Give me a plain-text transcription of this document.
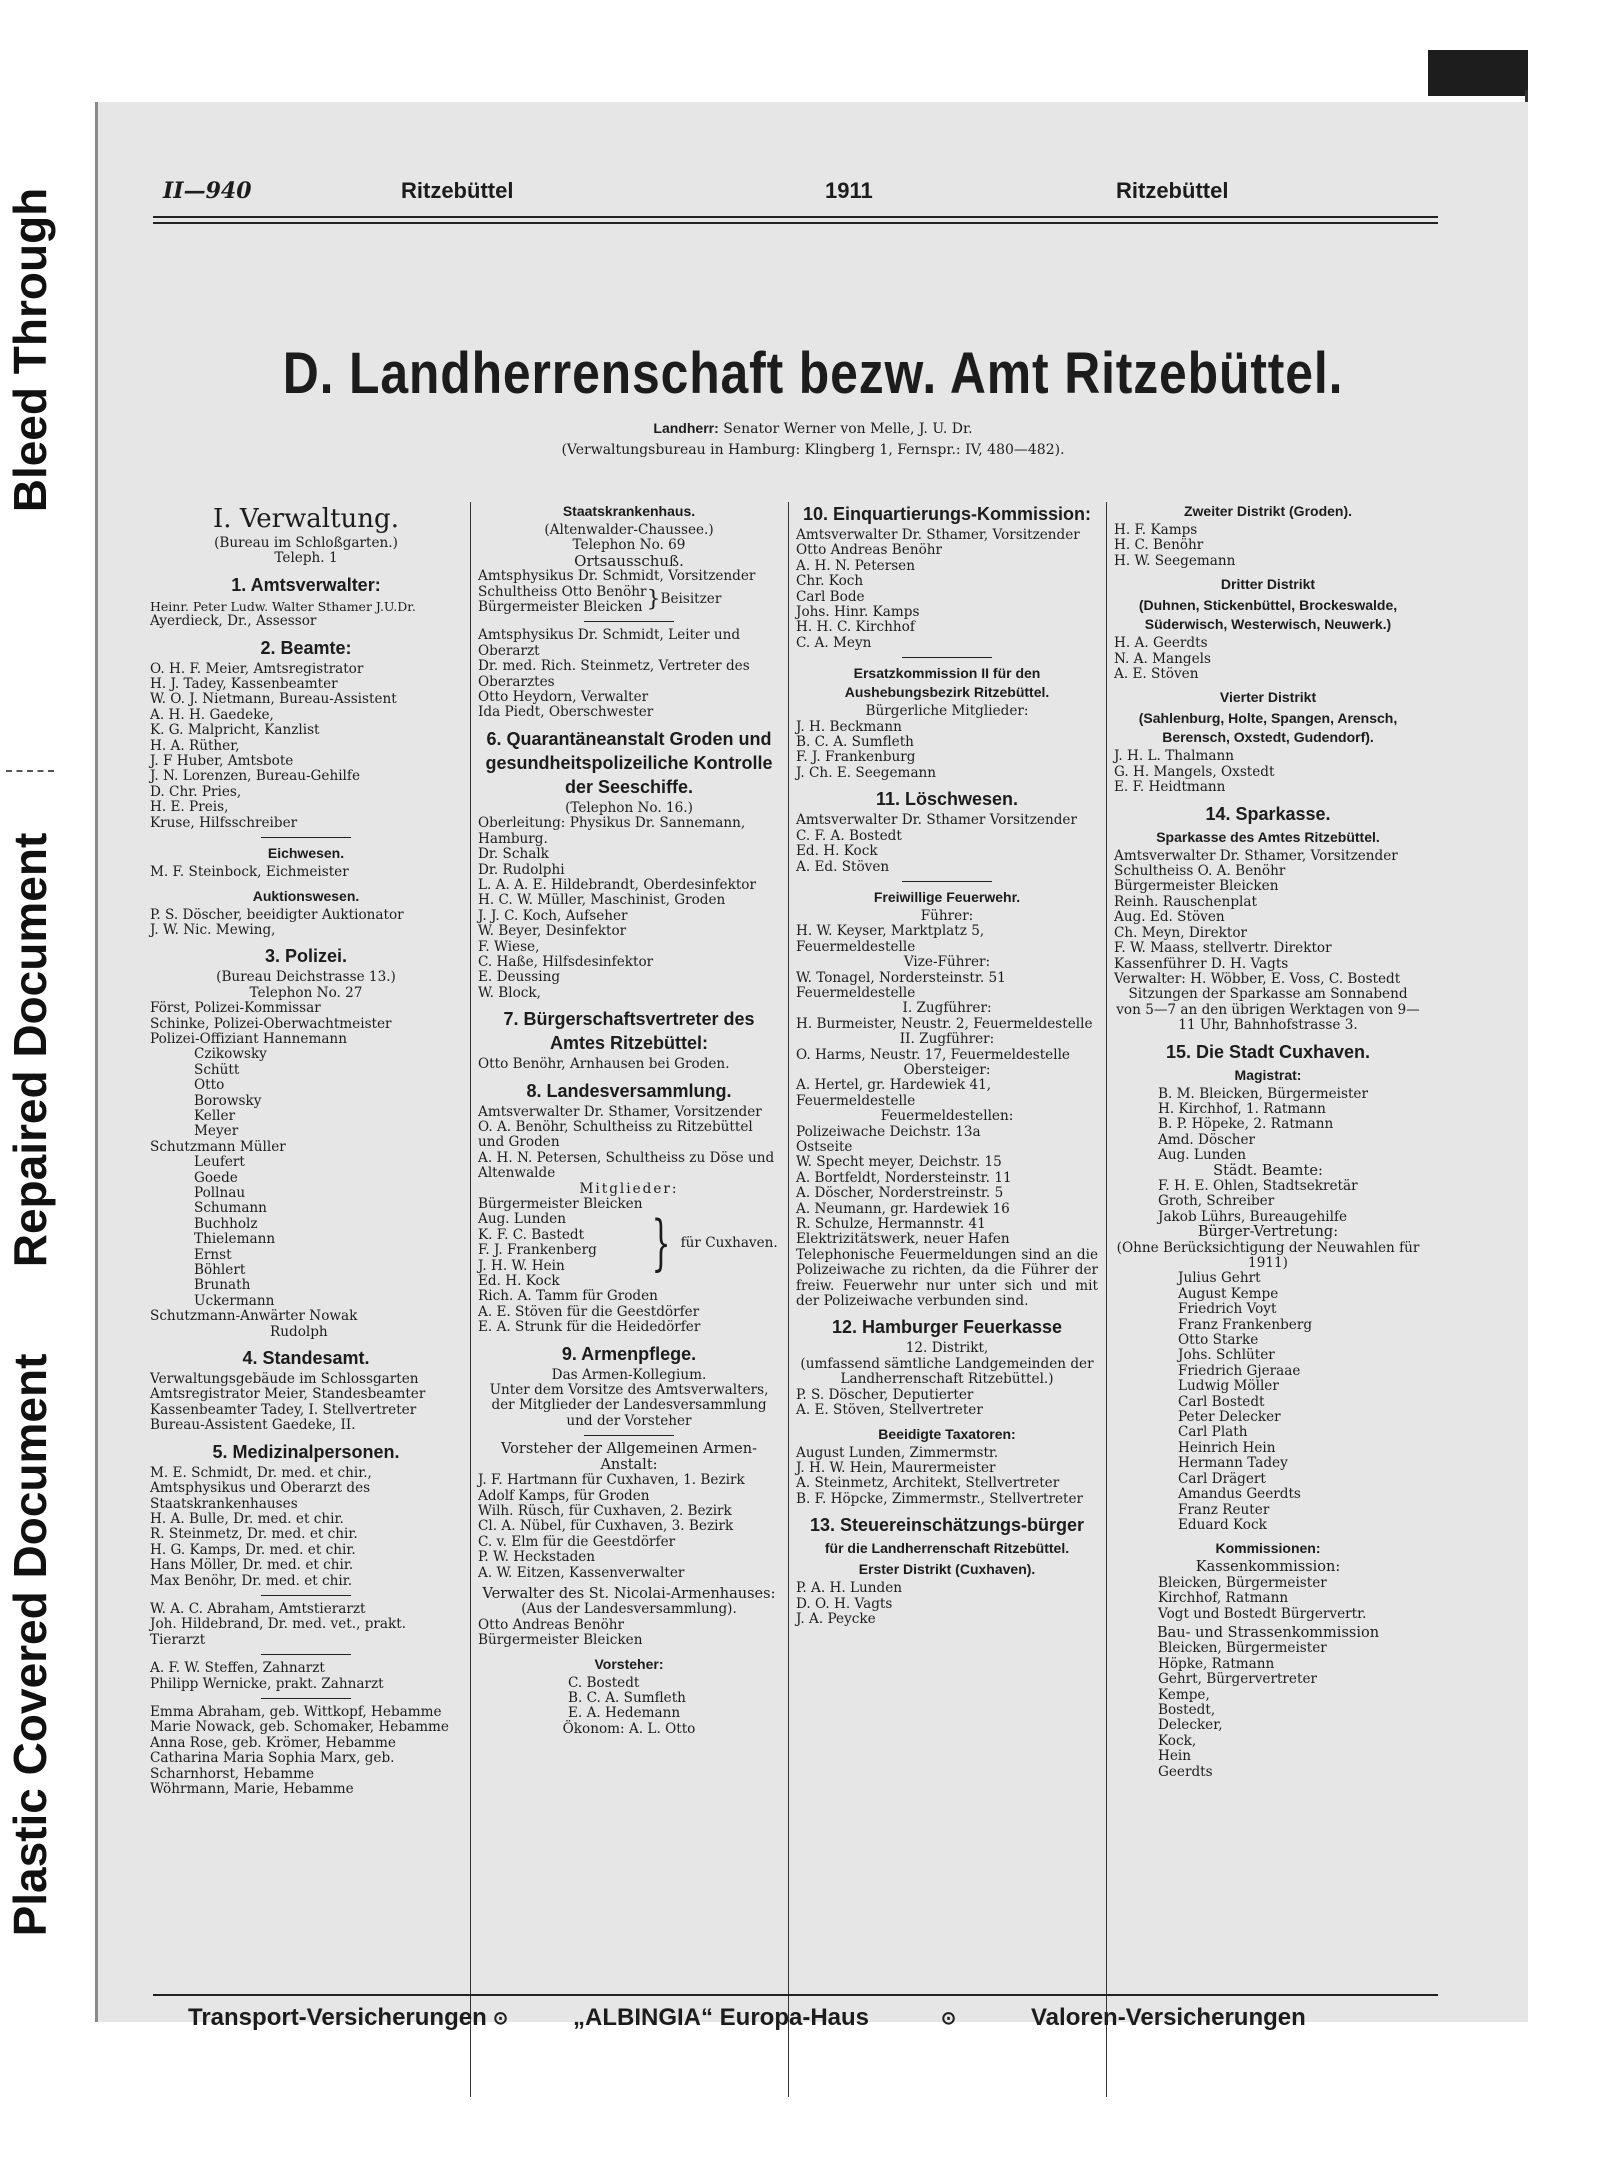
Bleed Through
Repaired Document
Plastic Covered Document
II—940	Ritzebüttel	1911	Ritzebüttel
D. Landherrenschaft bezw. Amt Ritzebüttel.
Landherr: Senator Werner von Melle, J. U. Dr.
(Verwaltungsbureau in Hamburg: Klingberg 1, Fernspr.: IV, 480—482).

I. Verwaltung.

(Bureau im Schloßgarten.)

Teleph. 1

1. Amtsverwalter:

Heinr. Peter Ludw. Walter Sthamer J.U.Dr.

Ayerdieck, Dr., Assessor

2. Beamte:

O. H. F. Meier, Amtsregistrator

H. J. Tadey, Kassenbeamter

W. O. J. Nietmann, Bureau-Assistent

A. H. H. Gaedeke,

K. G. Malpricht, Kanzlist

H. A. Rüther,

J. F Huber, Amtsbote

J. N. Lorenzen, Bureau-Gehilfe

D. Chr. Pries,

H. E. Preis,

Kruse, Hilfsschreiber

Eichwesen.

M. F. Steinbock, Eichmeister

Auktionswesen.

P. S. Döscher, beeidigter Auktionator

J. W. Nic. Mewing,

3. Polizei.

(Bureau Deichstrasse 13.)

Telephon No. 27

Först, Polizei-Kommissar

Schinke, Polizei-Oberwachtmeister

Polizei-Offiziant Hannemann

Czikowsky

Schütt

Otto

Borowsky

Keller

Meyer

Schutzmann Müller

Leufert

Goede

Pollnau

Schumann

Buchholz

Thielemann

Ernst

Böhlert

Brunath

Uckermann

Schutzmann-Anwärter Nowak

Rudolph

4. Standesamt.

Verwaltungsgebäude im Schlossgarten

Amtsregistrator Meier, Standesbeamter

Kassenbeamter Tadey, I. Stellvertreter

Bureau-Assistent Gaedeke, II.

5. Medizinalpersonen.

M. E. Schmidt, Dr. med. et chir., Amtsphysikus und Oberarzt des Staatskrankenhauses

H. A. Bulle, Dr. med. et chir.

R. Steinmetz, Dr. med. et chir.

H. G. Kamps, Dr. med. et chir.

Hans Möller, Dr. med. et chir.

Max Benöhr, Dr. med. et chir.

W. A. C. Abraham, Amtstierarzt

Joh. Hildebrand, Dr. med. vet., prakt. Tierarzt

A. F. W. Steffen, Zahnarzt

Philipp Wernicke, prakt. Zahnarzt

Emma Abraham, geb. Wittkopf, Hebamme

Marie Nowack, geb. Schomaker, Hebamme

Anna Rose, geb. Krömer, Hebamme

Catharina Maria Sophia Marx, geb. Scharnhorst, Hebamme

Wöhrmann, Marie, Hebamme

Staatskrankenhaus.

(Altenwalder-Chaussee.)

Telephon No. 69

Ortsausschuß.

Amtsphysikus Dr. Schmidt, Vorsitzender

Schultheiss Otto Benöhr

Bürgermeister Bleicken } Beisitzer

Amtsphysikus Dr. Schmidt, Leiter und Oberarzt

Dr. med. Rich. Steinmetz, Vertreter des Oberarztes

Otto Heydorn, Verwalter

Ida Piedt, Oberschwester

6. Quarantäneanstalt Groden und gesundheitspolizeiliche Kontrolle der Seeschiffe.

(Telephon No. 16.)

Oberleitung: Physikus Dr. Sannemann, Hamburg.

Dr. Schalk

Dr. Rudolphi

L. A. A. E. Hildebrandt, Oberdesinfektor

H. C. W. Müller, Maschinist, Groden

J. J. C. Koch, Aufseher

W. Beyer, Desinfektor

F. Wiese,

C. Haße, Hilfsdesinfektor

E. Deussing

W. Block,

7. Bürgerschaftsvertreter des Amtes Ritzebüttel:

Otto Benöhr, Arnhausen bei Groden.

8. Landesversammlung.

Amtsverwalter Dr. Sthamer, Vorsitzender

O. A. Benöhr, Schultheiss zu Ritzebüttel und Groden

A. H. N. Petersen, Schultheiss zu Döse und Altenwalde

Mitglieder:

Bürgermeister Bleicken

Aug. Lunden

K. F. C. Bastedt

F. J. Frankenberg

J. H. W. Hein

Ed. H. Kock

} für Cuxhaven.

Rich. A. Tamm für Groden

A. E. Stöven für die Geestdörfer

E. A. Strunk für die Heidedörfer

9. Armenpflege.

Das Armen-Kollegium.

Unter dem Vorsitze des Amtsverwalters, der Mitglieder der Landesversammlung und der Vorsteher

Vorsteher der Allgemeinen Armen-Anstalt:

J. F. Hartmann für Cuxhaven, 1. Bezirk

Adolf Kamps, für Groden

Wilh. Rüsch, für Cuxhaven, 2. Bezirk

Cl. A. Nübel, für Cuxhaven, 3. Bezirk

C. v. Elm für die Geestdörfer

P. W. Heckstaden

A. W. Eitzen, Kassenverwalter

Verwalter des St. Nicolai-Armenhauses:

(Aus der Landesversammlung).

Otto Andreas Benöhr

Bürgermeister Bleicken

Vorsteher:

C. Bostedt

B. C. A. Sumfleth

E. A. Hedemann

Ökonom: A. L. Otto

10. Einquartierungs-Kommission:

Amtsverwalter Dr. Sthamer, Vorsitzender

Otto Andreas Benöhr

A. H. N. Petersen

Chr. Koch

Carl Bode

Johs. Hinr. Kamps

H. H. C. Kirchhof

C. A. Meyn

Ersatzkommission II für den Aushebungsbezirk Ritzebüttel.

Bürgerliche Mitglieder:

J. H. Beckmann

B. C. A. Sumfleth

F. J. Frankenburg

J. Ch. E. Seegemann

11. Löschwesen.

Amtsverwalter Dr. Sthamer Vorsitzender

C. F. A. Bostedt

Ed. H. Kock

A. Ed. Stöven

Freiwillige Feuerwehr.

Führer:

H. W. Keyser, Marktplatz 5, Feuermeldestelle

Vize-Führer:

W. Tonagel, Nordersteinstr. 51 Feuermeldestelle

I. Zugführer:

H. Burmeister, Neustr. 2, Feuermeldestelle

II. Zugführer:

O. Harms, Neustr. 17, Feuermeldestelle

Obersteiger:

A. Hertel, gr. Hardewiek 41, Feuermeldestelle

Feuermeldestellen:

Polizeiwache Deichstr. 13a

Ostseite

W. Specht meyer, Deichstr. 15

A. Bortfeldt, Nordersteinstr. 11

A. Döscher, Norderstreinstr. 5

A. Neumann, gr. Hardewiek 16

R. Schulze, Hermannstr. 41

Elektrizitätswerk, neuer Hafen

Telephonische Feuermeldungen sind an die Polizeiwache zu richten, da die Führer der freiw. Feuerwehr nur unter sich und mit der Polizeiwache verbunden sind.

12. Hamburger Feuerkasse

12. Distrikt,

(umfassend sämtliche Landgemeinden der Landherrenschaft Ritzebüttel.)

P. S. Döscher, Deputierter

A. E. Stöven, Stellvertreter

Beeidigte Taxatoren:

August Lunden, Zimmermstr.

J. H. W. Hein, Maurermeister

A. Steinmetz, Architekt, Stellvertreter

B. F. Höpcke, Zimmermstr., Stellvertreter

13. Steuereinschätzungs-bürger

für die Landherrenschaft Ritzebüttel.

Erster Distrikt (Cuxhaven).

P. A. H. Lunden

D. O. H. Vagts

J. A. Peycke

Zweiter Distrikt (Groden).

H. F. Kamps

H. C. Benöhr

H. W. Seegemann

Dritter Distrikt

(Duhnen, Stickenbüttel, Brockeswalde, Süderwisch, Westerwisch, Neuwerk.)

H. A. Geerdts

N. A. Mangels

A. E. Stöven

Vierter Distrikt

(Sahlenburg, Holte, Spangen, Arensch, Berensch, Oxstedt, Gudendorf).

J. H. L. Thalmann

G. H. Mangels, Oxstedt

E. F. Heidtmann

14. Sparkasse.

Sparkasse des Amtes Ritzebüttel.

Amtsverwalter Dr. Sthamer, Vorsitzender

Schultheiss O. A. Benöhr

Bürgermeister Bleicken

Reinh. Rauschenplat

Aug. Ed. Stöven

Ch. Meyn, Direktor

F. W. Maass, stellvertr. Direktor

Kassenführer D. H. Vagts

Verwalter: H. Wöbber, E. Voss, C. Bostedt

Sitzungen der Sparkasse am Sonnabend von 5—7 an den übrigen Werktagen von 9—11 Uhr, Bahnhofstrasse 3.

15. Die Stadt Cuxhaven.

Magistrat:

B. M. Bleicken, Bürgermeister

H. Kirchhof, 1. Ratmann

B. P. Höpeke, 2. Ratmann

Amd. Döscher

Aug. Lunden

Städt. Beamte:

F. H. E. Ohlen, Stadtsekretär

Groth, Schreiber

Jakob Lührs, Bureaugehilfe

Bürger-Vertretung:

(Ohne Berücksichtigung der Neuwahlen für 1911)

Julius Gehrt

August Kempe

Friedrich Voyt

Franz Frankenberg

Otto Starke

Johs. Schlüter

Friedrich Gjeraae

Ludwig Möller

Carl Bostedt

Peter Delecker

Carl Plath

Heinrich Hein

Hermann Tadey

Carl Drägert

Amandus Geerdts

Franz Reuter

Eduard Kock

Kommissionen:

Kassenkommission:

Bleicken, Bürgermeister

Kirchhof, Ratmann

Vogt und Bostedt Bürgervertr.

Bau- und Strassenkommission

Bleicken, Bürgermeister

Höpke, Ratmann

Gehrt, Bürgervertreter

Kempe,

Bostedt,

Delecker,

Kock,

Hein

Geerdts

Transport-Versicherungen ⊙	„ALBINGIA“ Europa-Haus	⊙	Valoren-Versicherungen
